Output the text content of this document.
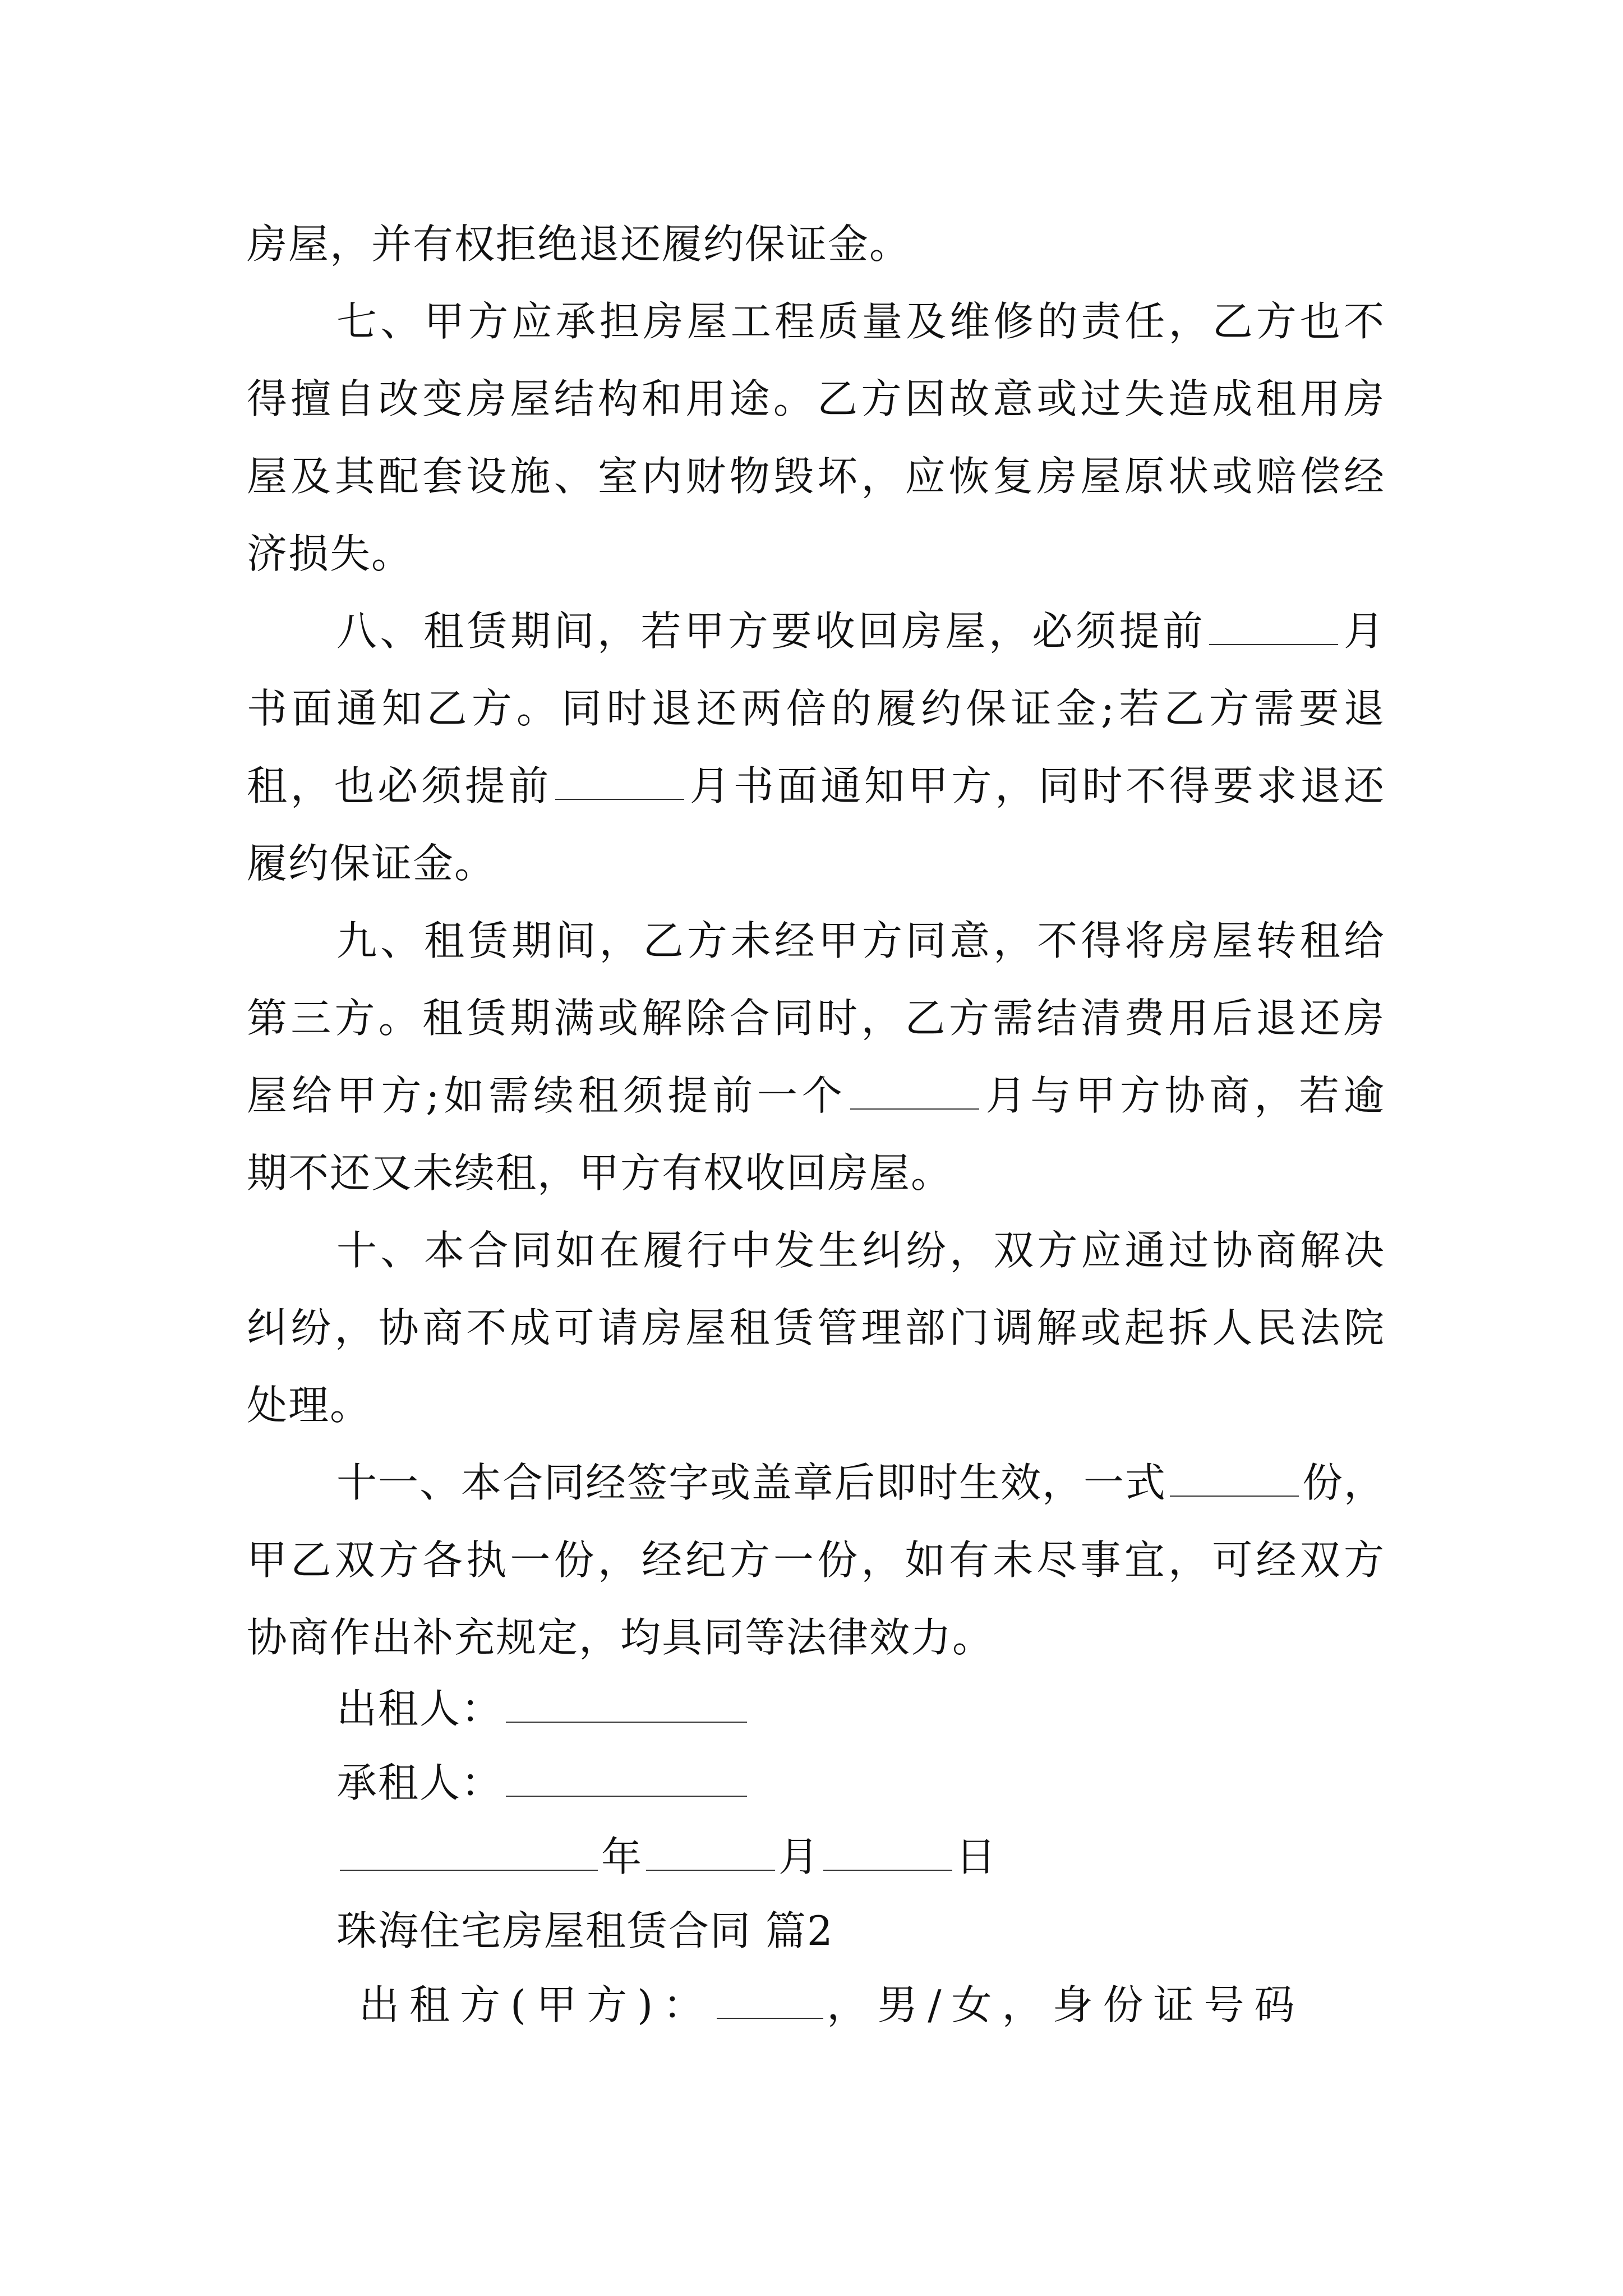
房屋，并有权拒绝退还履约保证金。
七、甲方应承担房屋工程质量及维修的责任，乙方也不
得擅自改变房屋结构和用途。乙方因故意或过失造成租用房
屋及其配套设施、室内财物毁坏，应恢复房屋原状或赔偿经
济损失。
八、租赁期间，若甲方要收回房屋，必须提前	月
书面通知乙方。同时退还两倍的履约保证金;若乙方需要退
租，也必须提前	月书面通知甲方，同时不得要求退还
履约保证金。
九、租赁期间，乙方未经甲方同意，不得将房屋转租给
第三方。租赁期满或解除合同时，乙方需结清费用后退还房
屋给甲方;如需续租须提前一个	月与甲方协商，若逾
期不还又未续租，甲方有权收回房屋。
十、本合同如在履行中发生纠纷，双方应通过协商解决
纠纷，协商不成可请房屋租赁管理部门调解或起拆人民法院
处理。
十一、本合同经签字或盖章后即时生效，一式	份，
甲乙双方各执一份，经纪方一份，如有未尽事宜，可经双方
协商作出补充规定，均具同等法律效力。
出租人：
承租人：
年	月	日
珠海住宅房屋租赁合同 篇2
出租方(甲方)：	，男/女，身份证号码
